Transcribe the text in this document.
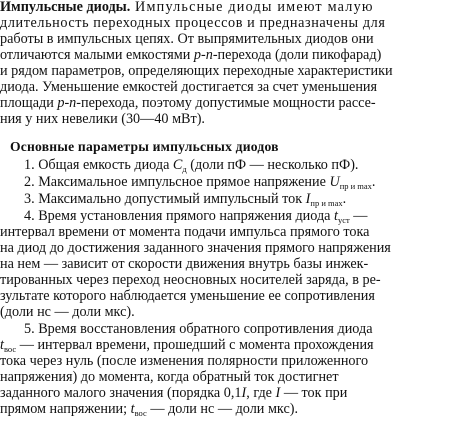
Импульсные диоды. Импульсные диоды имеют малую
длительность переходных процессов и предназначены для
работы в импульсных цепях. От выпрямительных диодов они
отличаются малыми емкостями p-n-перехода (доли пикофарад)
и рядом параметров, определяющих переходные характеристики
диода. Уменьшение емкостей достигается за счет уменьшения
площади p-n-перехода, поэтому допустимые мощности рассе-
ния у них невелики (30—40 мВт).
Основные параметры импульсных диодов
1. Общая емкость диода $C_д$ (доли пФ — несколько пФ).
2. Максимальное импульсное прямое напряжение $U_{пр и max}$.
3. Максимально допустимый импульсный ток $I_{пр и max}$.
4. Время установления прямого напряжения диода $t_{уст}$ —
интервал времени от момента подачи импульса прямого тока
на диод до достижения заданного значения прямого напряжения
на нем — зависит от скорости движения внутрь базы инжек-
тированных через переход неосновных носителей заряда, в ре-
зультате которого наблюдается уменьшение ее сопротивления
(доли нс — доли мкс).
5. Время восстановления обратного сопротивления диода
$t_{вос}$ — интервал времени, прошедший с момента прохождения
тока через нуль (после изменения полярности приложенного
напряжения) до момента, когда обратный ток достигнет
заданного малого значения (порядка 0,1I, где I — ток при
прямом напряжении; $t_{вос}$ — доли нс — доли мкс).
